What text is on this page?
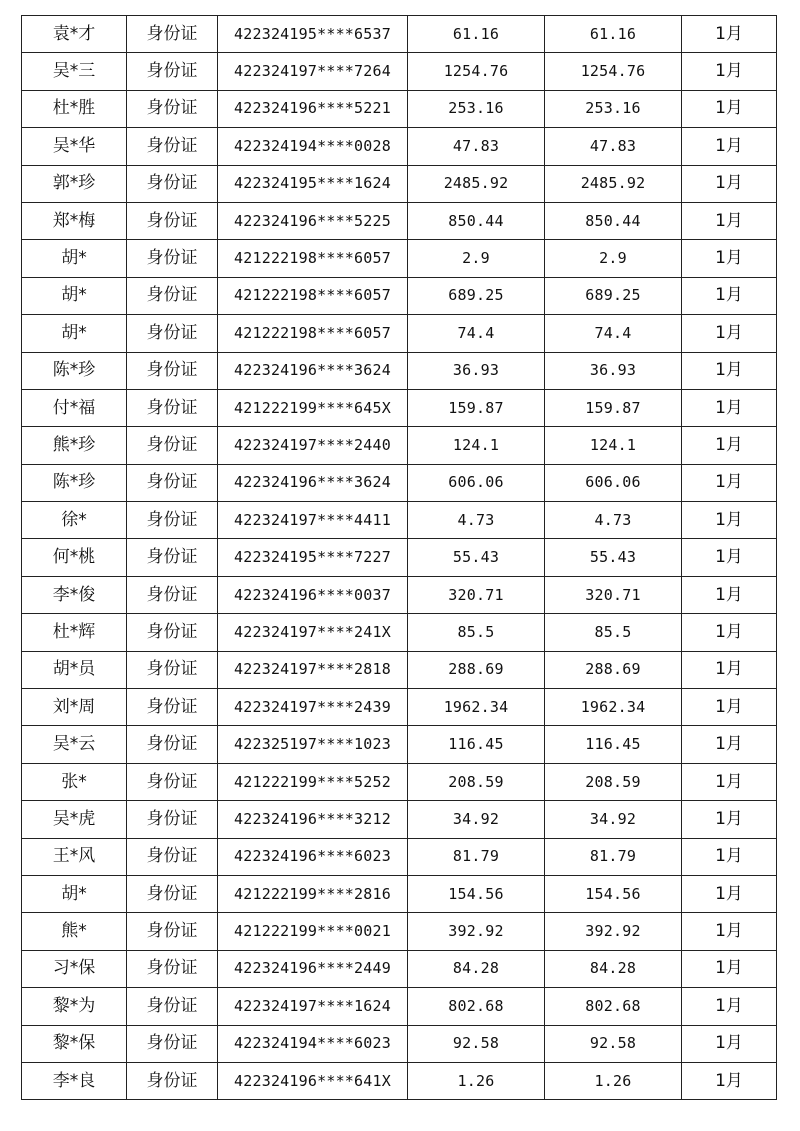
袁*才	身份证	422324195****6537	61.16	61.16	1月
吴*三	身份证	422324197****7264	1254.76	1254.76	1月
杜*胜	身份证	422324196****5221	253.16	253.16	1月
吴*华	身份证	422324194****0028	47.83	47.83	1月
郭*珍	身份证	422324195****1624	2485.92	2485.92	1月
郑*梅	身份证	422324196****5225	850.44	850.44	1月
胡*	身份证	421222198****6057	2.9	2.9	1月
胡*	身份证	421222198****6057	689.25	689.25	1月
胡*	身份证	421222198****6057	74.4	74.4	1月
陈*珍	身份证	422324196****3624	36.93	36.93	1月
付*福	身份证	421222199****645X	159.87	159.87	1月
熊*珍	身份证	422324197****2440	124.1	124.1	1月
陈*珍	身份证	422324196****3624	606.06	606.06	1月
徐*	身份证	422324197****4411	4.73	4.73	1月
何*桃	身份证	422324195****7227	55.43	55.43	1月
李*俊	身份证	422324196****0037	320.71	320.71	1月
杜*辉	身份证	422324197****241X	85.5	85.5	1月
胡*员	身份证	422324197****2818	288.69	288.69	1月
刘*周	身份证	422324197****2439	1962.34	1962.34	1月
吴*云	身份证	422325197****1023	116.45	116.45	1月
张*	身份证	421222199****5252	208.59	208.59	1月
吴*虎	身份证	422324196****3212	34.92	34.92	1月
王*风	身份证	422324196****6023	81.79	81.79	1月
胡*	身份证	421222199****2816	154.56	154.56	1月
熊*	身份证	421222199****0021	392.92	392.92	1月
习*保	身份证	422324196****2449	84.28	84.28	1月
黎*为	身份证	422324197****1624	802.68	802.68	1月
黎*保	身份证	422324194****6023	92.58	92.58	1月
李*良	身份证	422324196****641X	1.26	1.26	1月
